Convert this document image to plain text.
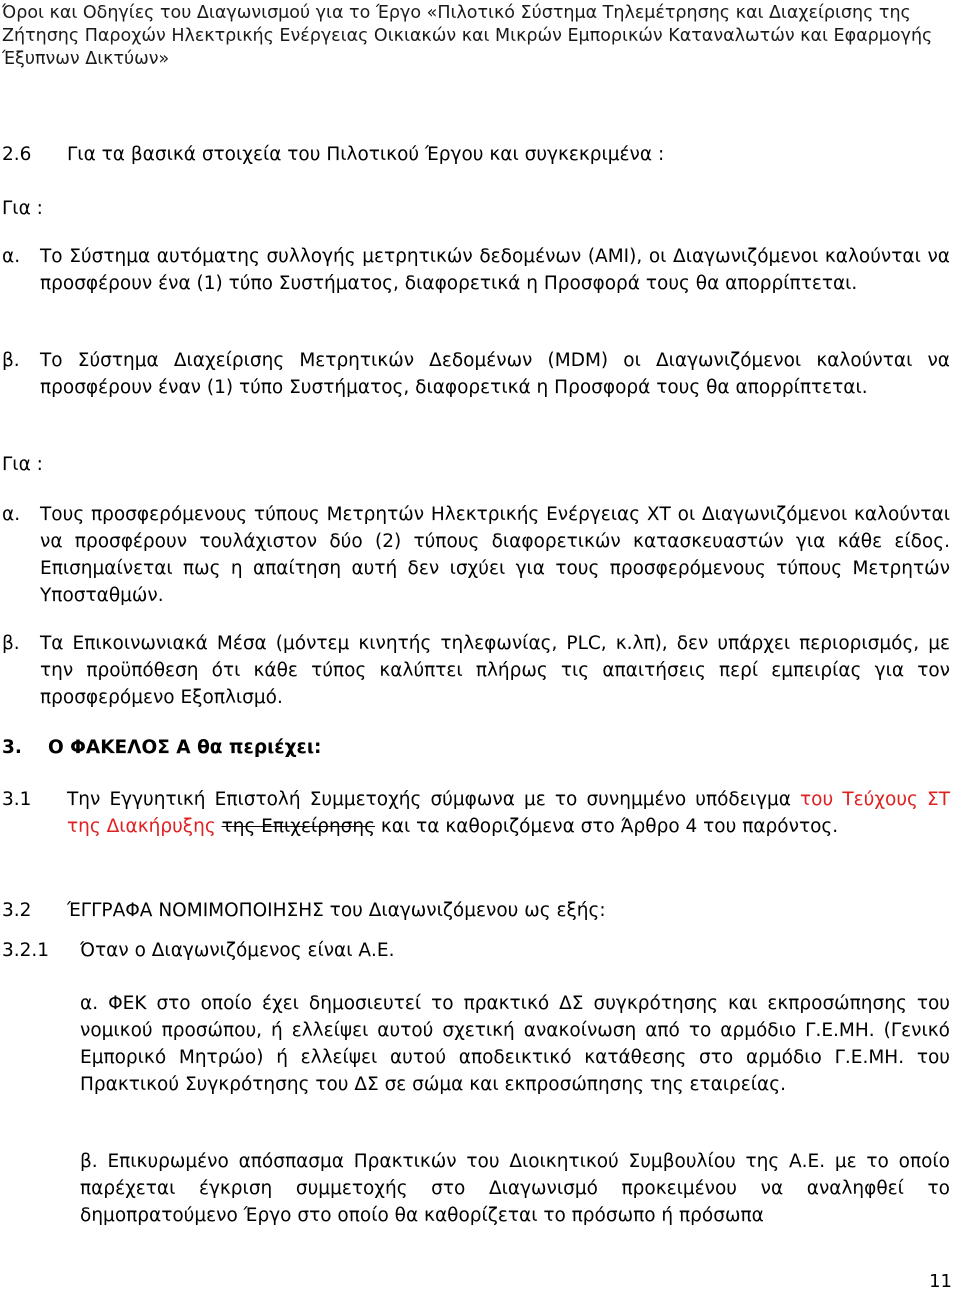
Όροι και Οδηγίες του Διαγωνισμού για το Έργο «Πιλοτικό Σύστημα Τηλεμέτρησης και Διαχείρισης της Ζήτησης Παροχών Ηλεκτρικής Ενέργειας Οικιακών και Μικρών Εμπορικών Καταναλωτών και Εφαρμογής Έξυπνων Δικτύων»
2.6 Για τα βασικά στοιχεία του Πιλοτικού Έργου και συγκεκριμένα :
Για :
α. Το Σύστημα αυτόματης συλλογής μετρητικών δεδομένων (AMI), οι Διαγωνιζόμενοι καλούνται να προσφέρουν ένα (1) τύπο Συστήματος, διαφορετικά η Προσφορά τους θα απορρίπτεται.
β. Το Σύστημα Διαχείρισης Μετρητικών Δεδομένων (MDM) οι Διαγωνιζόμενοι καλούνται να προσφέρουν έναν (1) τύπο Συστήματος, διαφορετικά η Προσφορά τους θα απορρίπτεται.
Για :
α. Τους προσφερόμενους τύπους Μετρητών Ηλεκτρικής Ενέργειας ΧΤ οι Διαγωνιζόμενοι καλούνται να προσφέρουν τουλάχιστον δύο (2) τύπους διαφορετικών κατασκευαστών για κάθε είδος. Επισημαίνεται πως η απαίτηση αυτή δεν ισχύει για τους προσφερόμενους τύπους Μετρητών Υποσταθμών.
β. Τα Επικοινωνιακά Μέσα (μόντεμ κινητής τηλεφωνίας, PLC, κ.λπ), δεν υπάρχει περιορισμός, με την προϋπόθεση ότι κάθε τύπος καλύπτει πλήρως τις απαιτήσεις περί εμπειρίας για τον προσφερόμενο Εξοπλισμό.
3. Ο ΦΑΚΕΛΟΣ Α θα περιέχει:
3.1 Την Εγγυητική Επιστολή Συμμετοχής σύμφωνα με το συνημμένο υπόδειγμα του Τεύχους ΣΤ της Διακήρυξης της Επιχείρησης και τα καθοριζόμενα στο Άρθρο 4 του παρόντος.
3.2 ΈΓΓΡΑΦΑ ΝΟΜΙΜΟΠΟΙΗΣΗΣ του Διαγωνιζόμενου ως εξής:
3.2.1 Όταν ο Διαγωνιζόμενος είναι Α.Ε.
α. ΦΕΚ στο οποίο έχει δημοσιευτεί το πρακτικό ΔΣ συγκρότησης και εκπροσώπησης του νομικού προσώπου, ή ελλείψει αυτού σχετική ανακοίνωση από το αρμόδιο Γ.Ε.ΜΗ. (Γενικό Εμπορικό Μητρώο) ή ελλείψει αυτού αποδεικτικό κατάθεσης στο αρμόδιο Γ.Ε.ΜΗ. του Πρακτικού Συγκρότησης του ΔΣ σε σώμα και εκπροσώπησης της εταιρείας.
β. Επικυρωμένο απόσπασμα Πρακτικών του Διοικητικού Συμβουλίου της Α.Ε. με το οποίο παρέχεται έγκριση συμμετοχής στο Διαγωνισμό προκειμένου να αναληφθεί το δημοπρατούμενο Έργο στο οποίο θα καθορίζεται το πρόσωπο ή πρόσωπα
11
